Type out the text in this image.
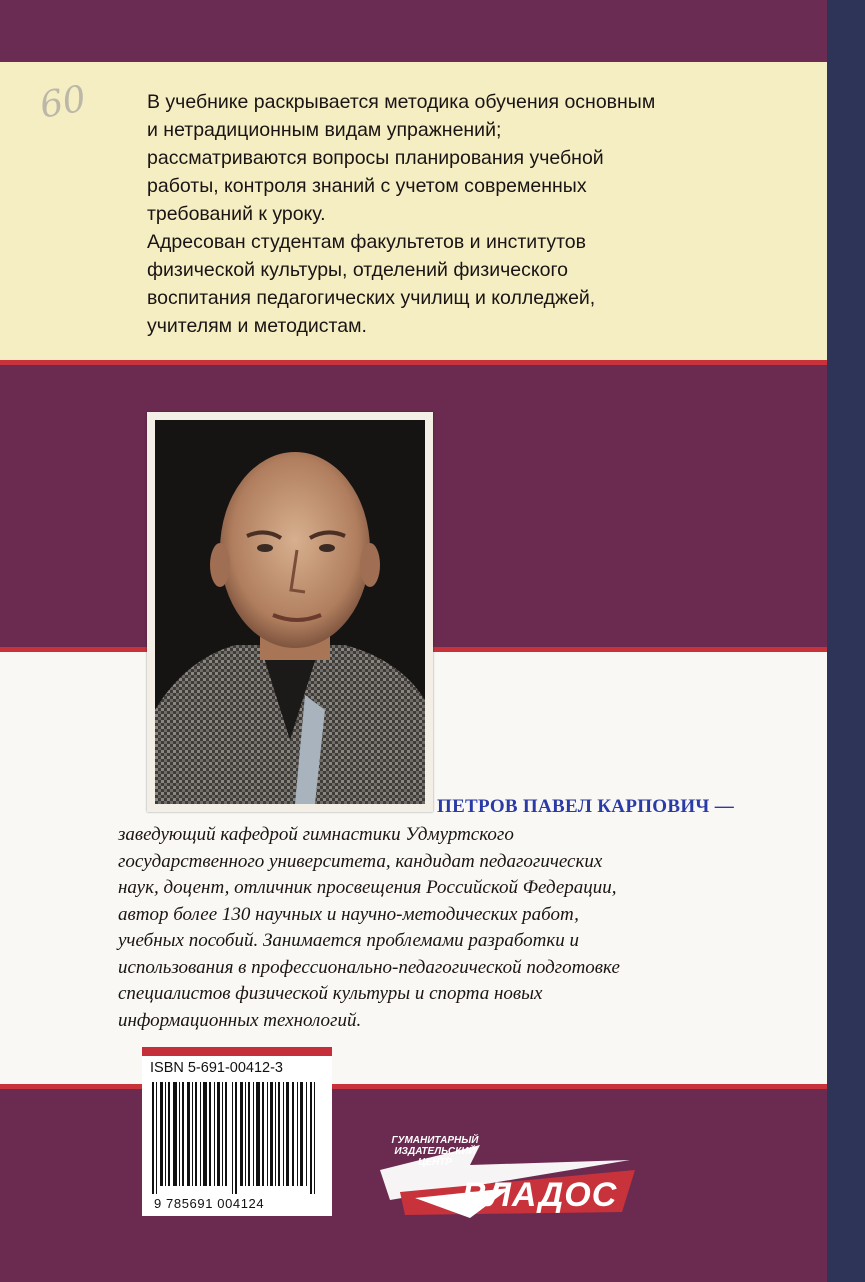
60	В учебнике раскрывается методика обучения основным
и нетрадиционным видам упражнений;
рассматриваются вопросы планирования учебной
работы, контроля знаний с учетом современных
требований к уроку.

Адресован студентам факультетов и институтов
физической культуры, отделений физического
воспитания педагогических училищ и колледжей,
учителям и методистам.

ПЕТРОВ ПАВЕЛ КАРПОВИЧ —
заведующий кафедрой гимнастики Удмуртского
государственного университета, кандидат педагогических
наук, доцент, отличник просвещения Российской Федерации,
автор более 130 научных и научно-методических работ,
учебных пособий. Занимается проблемами разработки и
использования в профессионально-педагогической подготовке
специалистов физической культуры и спорта новых
информационных технологий.
ISBN 5-691-00412-3
9 785691 004124
ГУМАНИТАРНЫЙ
ИЗДАТЕЛЬСКИЙ
ЦЕНТР
ВЛАДОС
